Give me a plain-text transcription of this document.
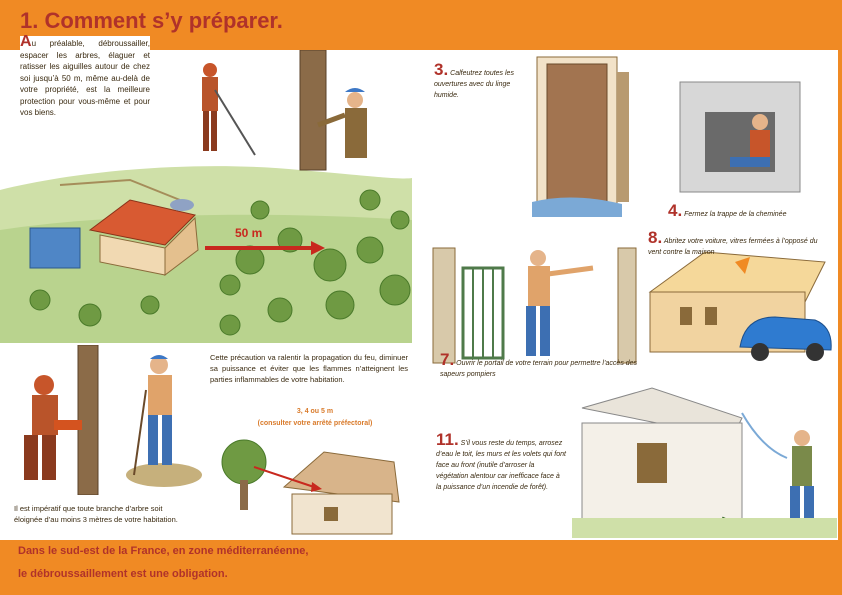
50 m
1. Comment s’y préparer.
Au préalable, débroussailler, espacer les arbres, élaguer et ratisser les aiguilles autour de chez soi jusqu’à 50 m, même au-delà de votre propriété, est la meilleure protection pour vous-même et pour vos biens.
Cette précaution va ralentir la propagation du feu, diminuer sa puissance et éviter que les flammes n’atteignent les parties inflammables de votre habitation.
3, 4 ou 5 m
(consulter votre arrêté préfectoral)
Il est impératif que toute branche d’arbre soit éloignée d’au moins 3 mètres de votre habitation.
Dans le sud-est de la France, en zone méditerranéenne,
le débroussaillement est une obligation.
3. Calfeutrez toutes les ouvertures avec du linge humide.
4. Fermez la trappe de la cheminée
8. Abritez votre voiture, vitres fermées à l’opposé du vent contre la maison
7. Ouvrir le portail de votre terrain pour permettre l’accès des sapeurs pompiers
11. S’il vous reste du temps, arrosez d’eau le toit, les murs et les volets qui font face au front (inutile d’arroser la végétation alentour car inefficace face à la puissance d’un incendie de forêt).
